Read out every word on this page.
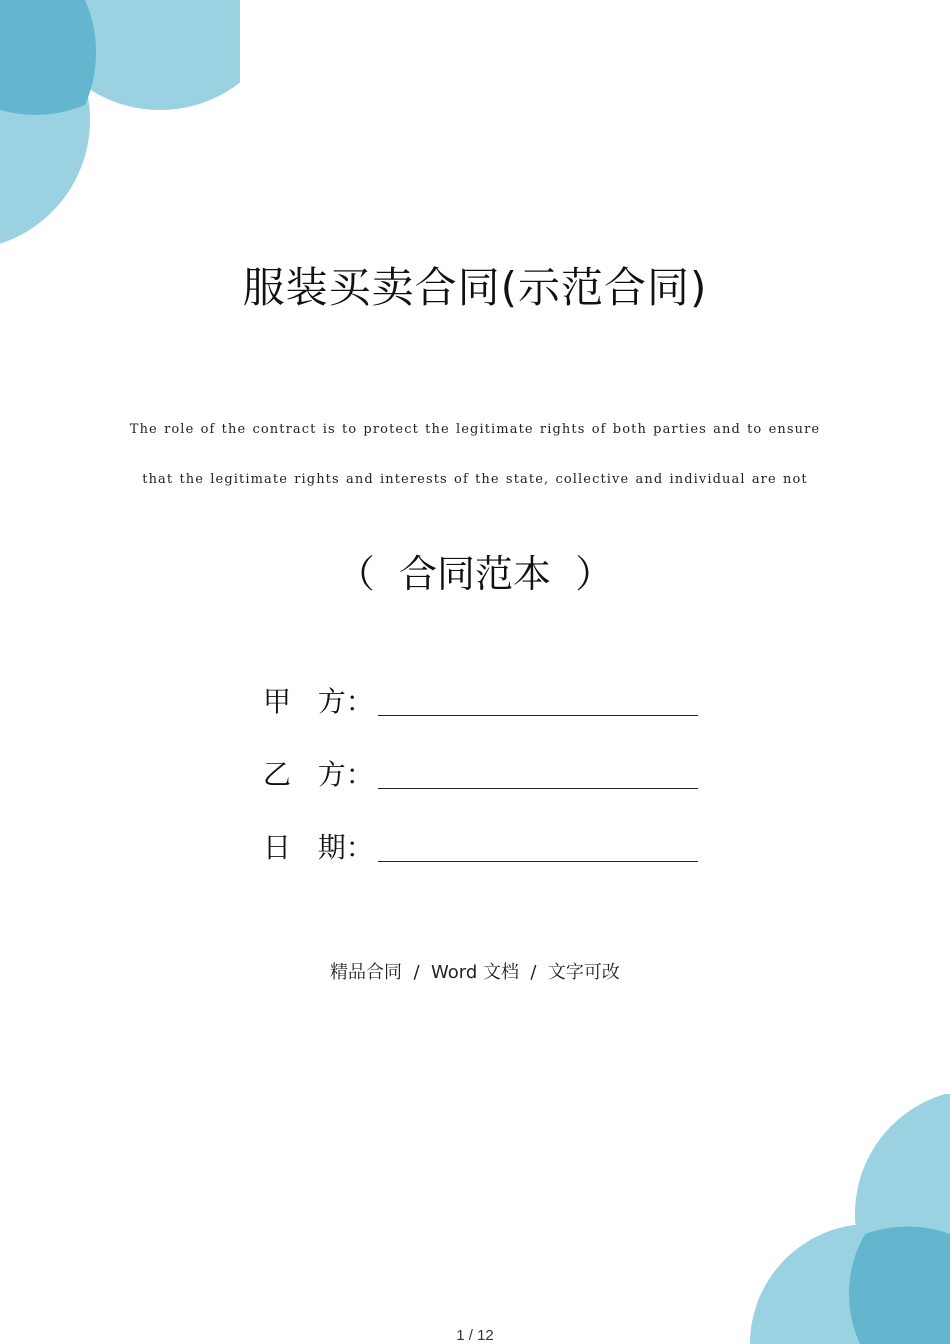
服装买卖合同(示范合同)
The role of the contract is to protect the legitimate rights of both parties and to ensure
that the legitimate rights and interests of the state, collective and individual are not
（  合同范本  ）
甲   方：
乙   方：
日   期：
精品合同  /  Word 文档  /  文字可改
1 / 12
